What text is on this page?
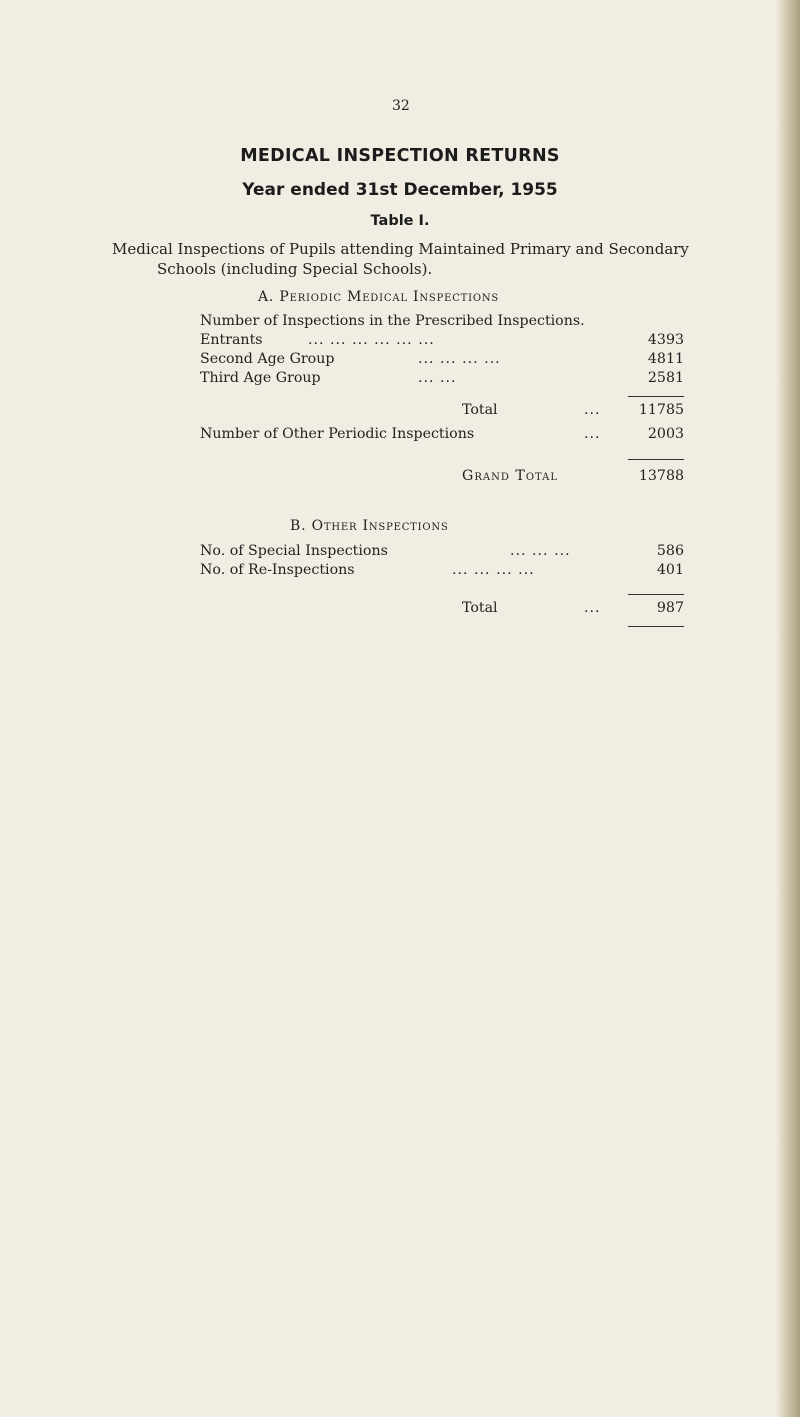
32
MEDICAL INSPECTION RETURNS
Year ended 31st December, 1955
Table I.
Medical Inspections of Pupils attending Maintained Primary and Secondary
Schools (including Special Schools).
A. Periodic Medical Inspections
Number of Inspections in the Prescribed Inspections.
Entrants	... ... ... ... ... ...	4393
Second Age Group	... ... ... ...	4811
Third Age Group	... ...	2581
Total	...	11785
Number of Other Periodic Inspections	...	2003
Grand Total	13788
B. Other Inspections
No. of Special Inspections	... ... ...	586
No. of Re-Inspections	... ... ... ...	401
Total	...	987
